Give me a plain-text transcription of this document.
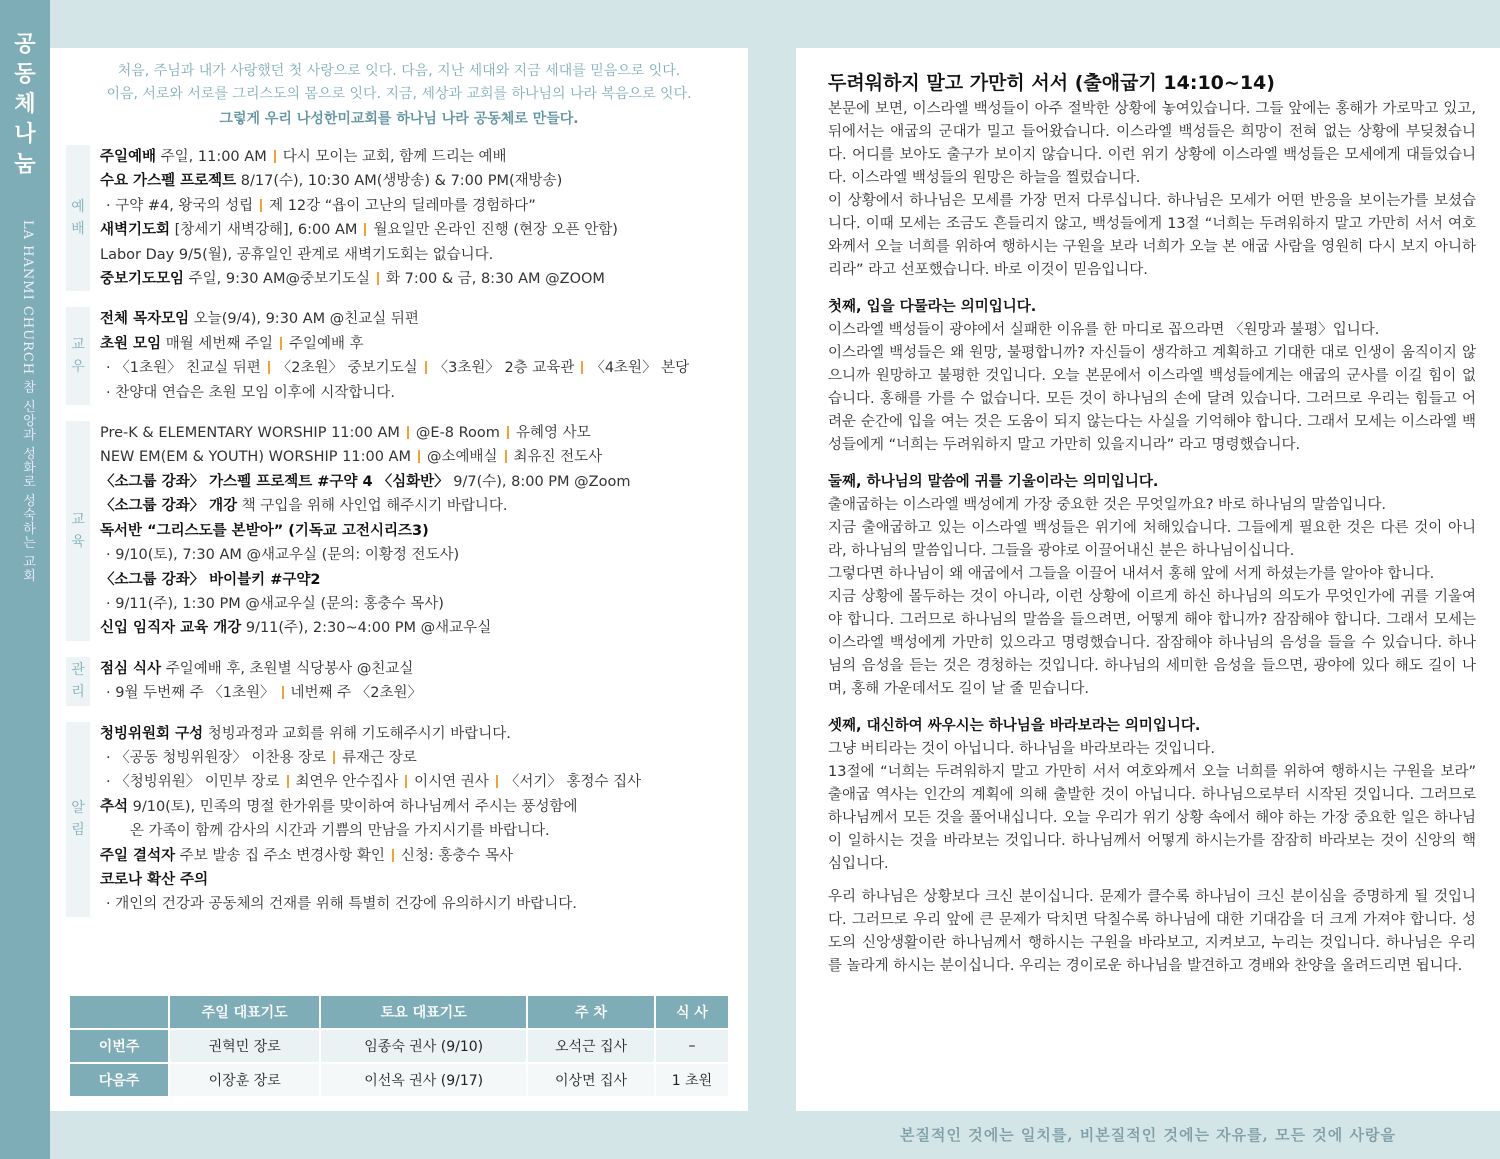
공
동
체
나
눔
LA HANMI CHURCH 참 신앙과 성화로 성숙하는 교회
처음, 주님과 내가 사랑했던 첫 사랑으로 잇다. 다음, 지난 세대와 지금 세대를 믿음으로 잇다.
이음, 서로와 서로를 그리스도의 몸으로 잇다. 지금, 세상과 교회를 하나님의 나라 복음으로 잇다.
그렇게 우리 나성한미교회를 하나님 나라 공동체로 만들다.
예
배
주일예배 주일, 11:00 AM 다시 모이는 교회, 함께 드리는 예배
수요 가스펠 프로젝트 8/17(수), 10:30 AM(생방송) & 7:00 PM(재방송)
· 구약 #4, 왕국의 성립 제 12강 “욥이 고난의 딜레마를 경험하다”
새벽기도회 [창세기 새벽강해], 6:00 AM 월요일만 온라인 진행 (현장 오픈 안함)
Labor Day 9/5(월), 공휴일인 관계로 새벽기도회는 없습니다.
중보기도모임 주일, 9:30 AM@중보기도실 화 7:00 & 금, 8:30 AM @ZOOM
교
우
전체 목자모임 오늘(9/4), 9:30 AM @친교실 뒤편
초원 모임 매월 세번째 주일 주일예배 후
· 〈1초원〉 친교실 뒤편 〈2초원〉 중보기도실 〈3초원〉 2층 교육관 〈4초원〉 본당
· 찬양대 연습은 초원 모임 이후에 시작합니다.
교
육
Pre-K & ELEMENTARY WORSHIP 11:00 AM @E-8 Room 유혜영 사모
NEW EM(EM & YOUTH) WORSHIP 11:00 AM @소예배실 최유진 전도사
〈소그룹 강좌〉 가스펠 프로젝트 #구약 4 〈심화반〉 9/7(수), 8:00 PM @Zoom
〈소그룹 강좌〉 개강 책 구입을 위해 사인업 해주시기 바랍니다.
독서반 “그리스도를 본받아” (기독교 고전시리즈3)
· 9/10(토), 7:30 AM @새교우실 (문의: 이황정 전도사)
〈소그룹 강좌〉 바이블키 #구약2
· 9/11(주), 1:30 PM @새교우실 (문의: 홍충수 목사)
신입 임직자 교육 개강 9/11(주), 2:30~4:00 PM @새교우실
관
리
점심 식사 주일예배 후, 초원별 식당봉사 @친교실
· 9월 두번째 주 〈1초원〉 네번째 주 〈2초원〉
알
림
청빙위원회 구성 청빙과정과 교회를 위해 기도해주시기 바랍니다.
· 〈공동 청빙위원장〉 이찬용 장로 류재근 장로
· 〈청빙위원〉 이민부 장로 최연우 안수집사 이시연 권사 〈서기〉 홍정수 집사
추석 9/10(토), 민족의 명절 한가위를 맞이하여 하나님께서 주시는 풍성함에
온 가족이 함께 감사의 시간과 기쁨의 만남을 가지시기를 바랍니다.
주일 결석자 주보 발송 집 주소 변경사항 확인 신청: 홍충수 목사
코로나 확산 주의
· 개인의 건강과 공동체의 건재를 위해 특별히 건강에 유의하시기 바랍니다.
	주일 대표기도	토요 대표기도	주 차	식 사
이번주	권혁민 장로	임종숙 권사 (9/10)	오석근 집사	–
다음주	이장훈 장로	이선옥 권사 (9/17)	이상면 집사	1 초원
두려워하지 말고 가만히 서서 (출애굽기 14:10~14)

본문에 보면, 이스라엘 백성들이 아주 절박한 상황에 놓여있습니다. 그들 앞에는 홍해가 가로막고 있고, 뒤에서는 애굽의 군대가 밀고 들어왔습니다. 이스라엘 백성들은 희망이 전혀 없는 상황에 부딪쳤습니다. 어디를 보아도 출구가 보이지 않습니다. 이런 위기 상황에 이스라엘 백성들은 모세에게 대들었습니다. 이스라엘 백성들의 원망은 하늘을 찔렀습니다.

이 상황에서 하나님은 모세를 가장 먼저 다루십니다. 하나님은 모세가 어떤 반응을 보이는가를 보셨습니다. 이때 모세는 조금도 흔들리지 않고, 백성들에게 13절 “너희는 두려워하지 말고 가만히 서서 여호와께서 오늘 너희를 위하여 행하시는 구원을 보라 너희가 오늘 본 애굽 사람을 영원히 다시 보지 아니하리라” 라고 선포했습니다. 바로 이것이 믿음입니다.

첫째, 입을 다물라는 의미입니다.

이스라엘 백성들이 광야에서 실패한 이유를 한 마디로 꼽으라면 〈원망과 불평〉입니다.

이스라엘 백성들은 왜 원망, 불평합니까? 자신들이 생각하고 계획하고 기대한 대로 인생이 움직이지 않으니까 원망하고 불평한 것입니다. 오늘 본문에서 이스라엘 백성들에게는 애굽의 군사를 이길 힘이 없습니다. 홍해를 가를 수 없습니다. 모든 것이 하나님의 손에 달려 있습니다. 그러므로 우리는 힘들고 어려운 순간에 입을 여는 것은 도움이 되지 않는다는 사실을 기억해야 합니다. 그래서 모세는 이스라엘 백성들에게 “너희는 두려워하지 말고 가만히 있을지니라” 라고 명령했습니다.

둘째, 하나님의 말씀에 귀를 기울이라는 의미입니다.

출애굽하는 이스라엘 백성에게 가장 중요한 것은 무엇일까요? 바로 하나님의 말씀입니다.

지금 출애굽하고 있는 이스라엘 백성들은 위기에 처해있습니다. 그들에게 필요한 것은 다른 것이 아니라, 하나님의 말씀입니다. 그들을 광야로 이끌어내신 분은 하나님이십니다.

그렇다면 하나님이 왜 애굽에서 그들을 이끌어 내셔서 홍해 앞에 서게 하셨는가를 알아야 합니다.

지금 상황에 몰두하는 것이 아니라, 이런 상황에 이르게 하신 하나님의 의도가 무엇인가에 귀를 기울여야 합니다. 그러므로 하나님의 말씀을 들으려면, 어떻게 해야 합니까? 잠잠해야 합니다. 그래서 모세는 이스라엘 백성에게 가만히 있으라고 명령했습니다. 잠잠해야 하나님의 음성을 들을 수 있습니다. 하나님의 음성을 듣는 것은 경청하는 것입니다. 하나님의 세미한 음성을 들으면, 광야에 있다 해도 길이 나며, 홍해 가운데서도 길이 날 줄 믿습니다.

셋째, 대신하여 싸우시는 하나님을 바라보라는 의미입니다.

그냥 버티라는 것이 아닙니다. 하나님을 바라보라는 것입니다.

13절에 “너희는 두려워하지 말고 가만히 서서 여호와께서 오늘 너희를 위하여 행하시는 구원을 보라” 출애굽 역사는 인간의 계획에 의해 출발한 것이 아닙니다. 하나님으로부터 시작된 것입니다. 그러므로 하나님께서 모든 것을 풀어내십니다. 오늘 우리가 위기 상황 속에서 해야 하는 가장 중요한 일은 하나님이 일하시는 것을 바라보는 것입니다. 하나님께서 어떻게 하시는가를 잠잠히 바라보는 것이 신앙의 핵심입니다.

우리 하나님은 상황보다 크신 분이십니다. 문제가 클수록 하나님이 크신 분이심을 증명하게 될 것입니다. 그러므로 우리 앞에 큰 문제가 닥치면 닥칠수록 하나님에 대한 기대감을 더 크게 가져야 합니다. 성도의 신앙생활이란 하나님께서 행하시는 구원을 바라보고, 지켜보고, 누리는 것입니다. 하나님은 우리를 놀라게 하시는 분이십니다. 우리는 경이로운 하나님을 발견하고 경배와 찬양을 올려드리면 됩니다.

본질적인 것에는 일치를, 비본질적인 것에는 자유를, 모든 것에 사랑을
